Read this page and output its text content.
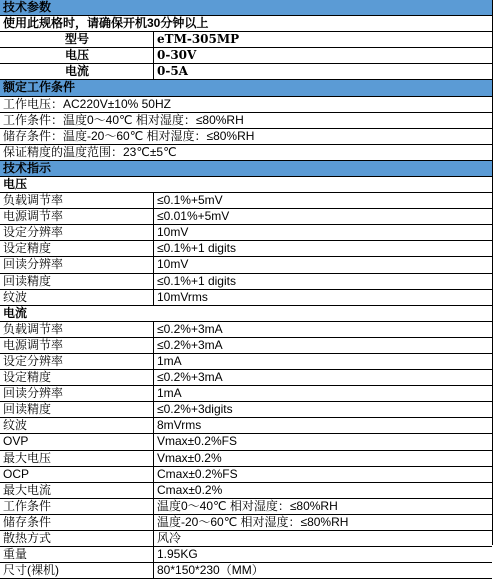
技术参数
使用此规格时，请确保开机30分钟以上
型号	eTM-305MP
电压	0-30V
电流	0-5A
额定工作条件
工作电压：AC220V±10% 50HZ
工作条件：温度0～40℃ 相对湿度：≤80%RH
储存条件：温度-20～60℃ 相对湿度：≤80%RH
保证精度的温度范围：23℃±5℃
技术指示
电压
负载调节率	≤0.1%+5mV
电源调节率	≤0.01%+5mV
设定分辨率	10mV
设定精度	≤0.1%+1 digits
回读分辨率	10mV
回读精度	≤0.1%+1 digits
纹波	10mVrms
电流
负载调节率	≤0.2%+3mA
电源调节率	≤0.2%+3mA
设定分辨率	1mA
设定精度	≤0.2%+3mA
回读分辨率	1mA
回读精度	≤0.2%+3digits
纹波	8mVrms
OVP	Vmax±0.2%FS
最大电压	Vmax±0.2%
OCP	Cmax±0.2%FS
最大电流	Cmax±0.2%
工作条件	温度0～40℃ 相对湿度：≤80%RH
储存条件	温度-20～60℃ 相对湿度：≤80%RH
散热方式	风冷
重量	1.95KG
尺寸(裸机)	80*150*230（MM）
